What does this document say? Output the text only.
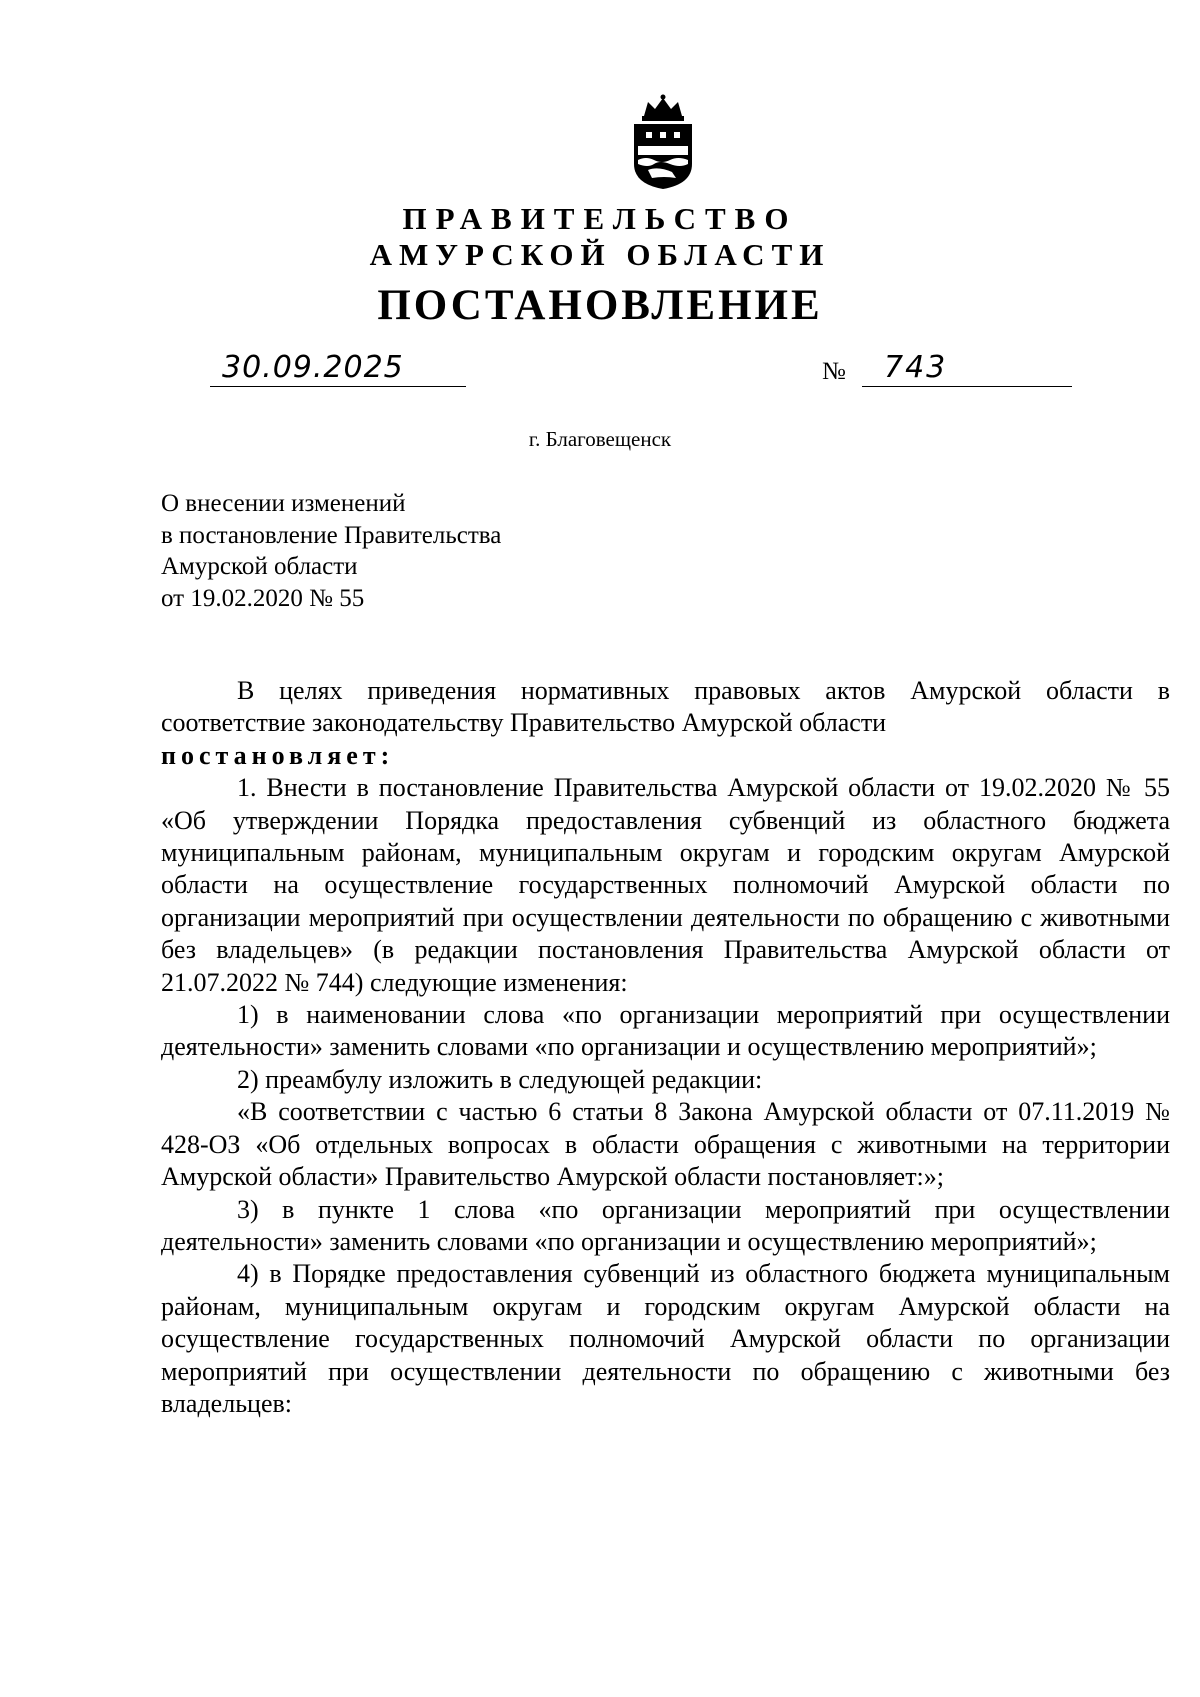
ПРАВИТЕЛЬСТВО
АМУРСКОЙ ОБЛАСТИ
ПОСТАНОВЛЕНИЕ
30.09.2025	№ 743
г. Благовещенск
О внесении изменений
в постановление Правительства
Амурской области
от 19.02.2020 № 55

В целях приведения нормативных правовых актов Амурской области в соответствие законодательству Правительство Амурской области

постановляет:

1. Внести в постановление Правительства Амурской области от 19.02.2020 № 55 «Об утверждении Порядка предоставления субвенций из областного бюджета муниципальным районам, муниципальным округам и городским округам Амурской области на осуществление государственных полномочий Амурской области по организации мероприятий при осуществлении деятельности по обращению с животными без владельцев» (в редакции постановления Правительства Амурской области от 21.07.2022 № 744) следующие изменения:

1) в наименовании слова «по организации мероприятий при осуществлении деятельности» заменить словами «по организации и осуществлению мероприятий»;

2) преамбулу изложить в следующей редакции:

«В соответствии с частью 6 статьи 8 Закона Амурской области от 07.11.2019 № 428-ОЗ «Об отдельных вопросах в области обращения с животными на территории Амурской области» Правительство Амурской области постановляет:»;

3) в пункте 1 слова «по организации мероприятий при осуществлении деятельности» заменить словами «по организации и осуществлению мероприятий»;

4) в Порядке предоставления субвенций из областного бюджета муниципальным районам, муниципальным округам и городским округам Амурской области на осуществление государственных полномочий Амурской области по организации мероприятий при осуществлении деятельности по обращению с животными без владельцев:
